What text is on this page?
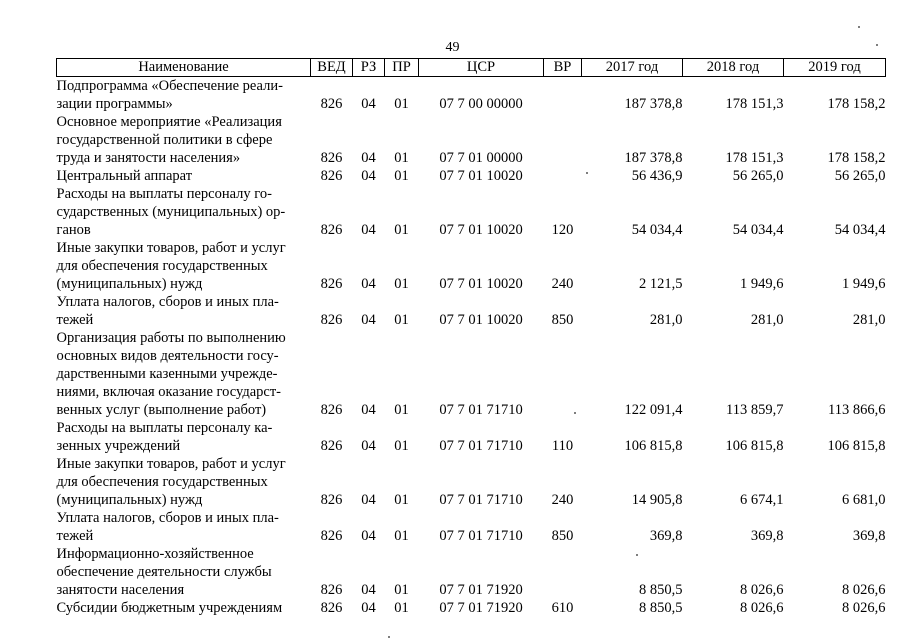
49
Наименование	ВЕД	РЗ	ПР	ЦСР	ВР	2017 год	2018 год	2019 год

Подпрограмма «Обеспечение реали-
зации программы»	826	04	01	07 7 00 00000		187 378,8	178 151,3	178 158,2

Основное мероприятие «Реализация
государственной политики в сфере
труда и занятости населения»	826	04	01	07 7 01 00000		187 378,8	178 151,3	178 158,2

Центральный аппарат	826	04	01	07 7 01 10020		56 436,9	56 265,0	56 265,0

Расходы на выплаты персоналу го-
сударственных (муниципальных) ор-
ганов	826	04	01	07 7 01 10020	120	54 034,4	54 034,4	54 034,4

Иные закупки товаров, работ и услуг
для обеспечения государственных
(муниципальных) нужд	826	04	01	07 7 01 10020	240	2 121,5	1 949,6	1 949,6

Уплата налогов, сборов и иных пла-
тежей	826	04	01	07 7 01 10020	850	281,0	281,0	281,0

Организация работы по выполнению
основных видов деятельности госу-
дарственными казенными учрежде-
ниями, включая оказание государст-
венных услуг (выполнение работ)	826	04	01	07 7 01 71710		122 091,4	113 859,7	113 866,6

Расходы на выплаты персоналу ка-
зенных учреждений	826	04	01	07 7 01 71710	110	106 815,8	106 815,8	106 815,8

Иные закупки товаров, работ и услуг
для обеспечения государственных
(муниципальных) нужд	826	04	01	07 7 01 71710	240	14 905,8	6 674,1	6 681,0

Уплата налогов, сборов и иных пла-
тежей	826	04	01	07 7 01 71710	850	369,8	369,8	369,8

Информационно-хозяйственное
обеспечение деятельности службы
занятости населения	826	04	01	07 7 01 71920		8 850,5	8 026,6	8 026,6

Субсидии бюджетным учреждениям	826	04	01	07 7 01 71920	610	8 850,5	8 026,6	8 026,6
